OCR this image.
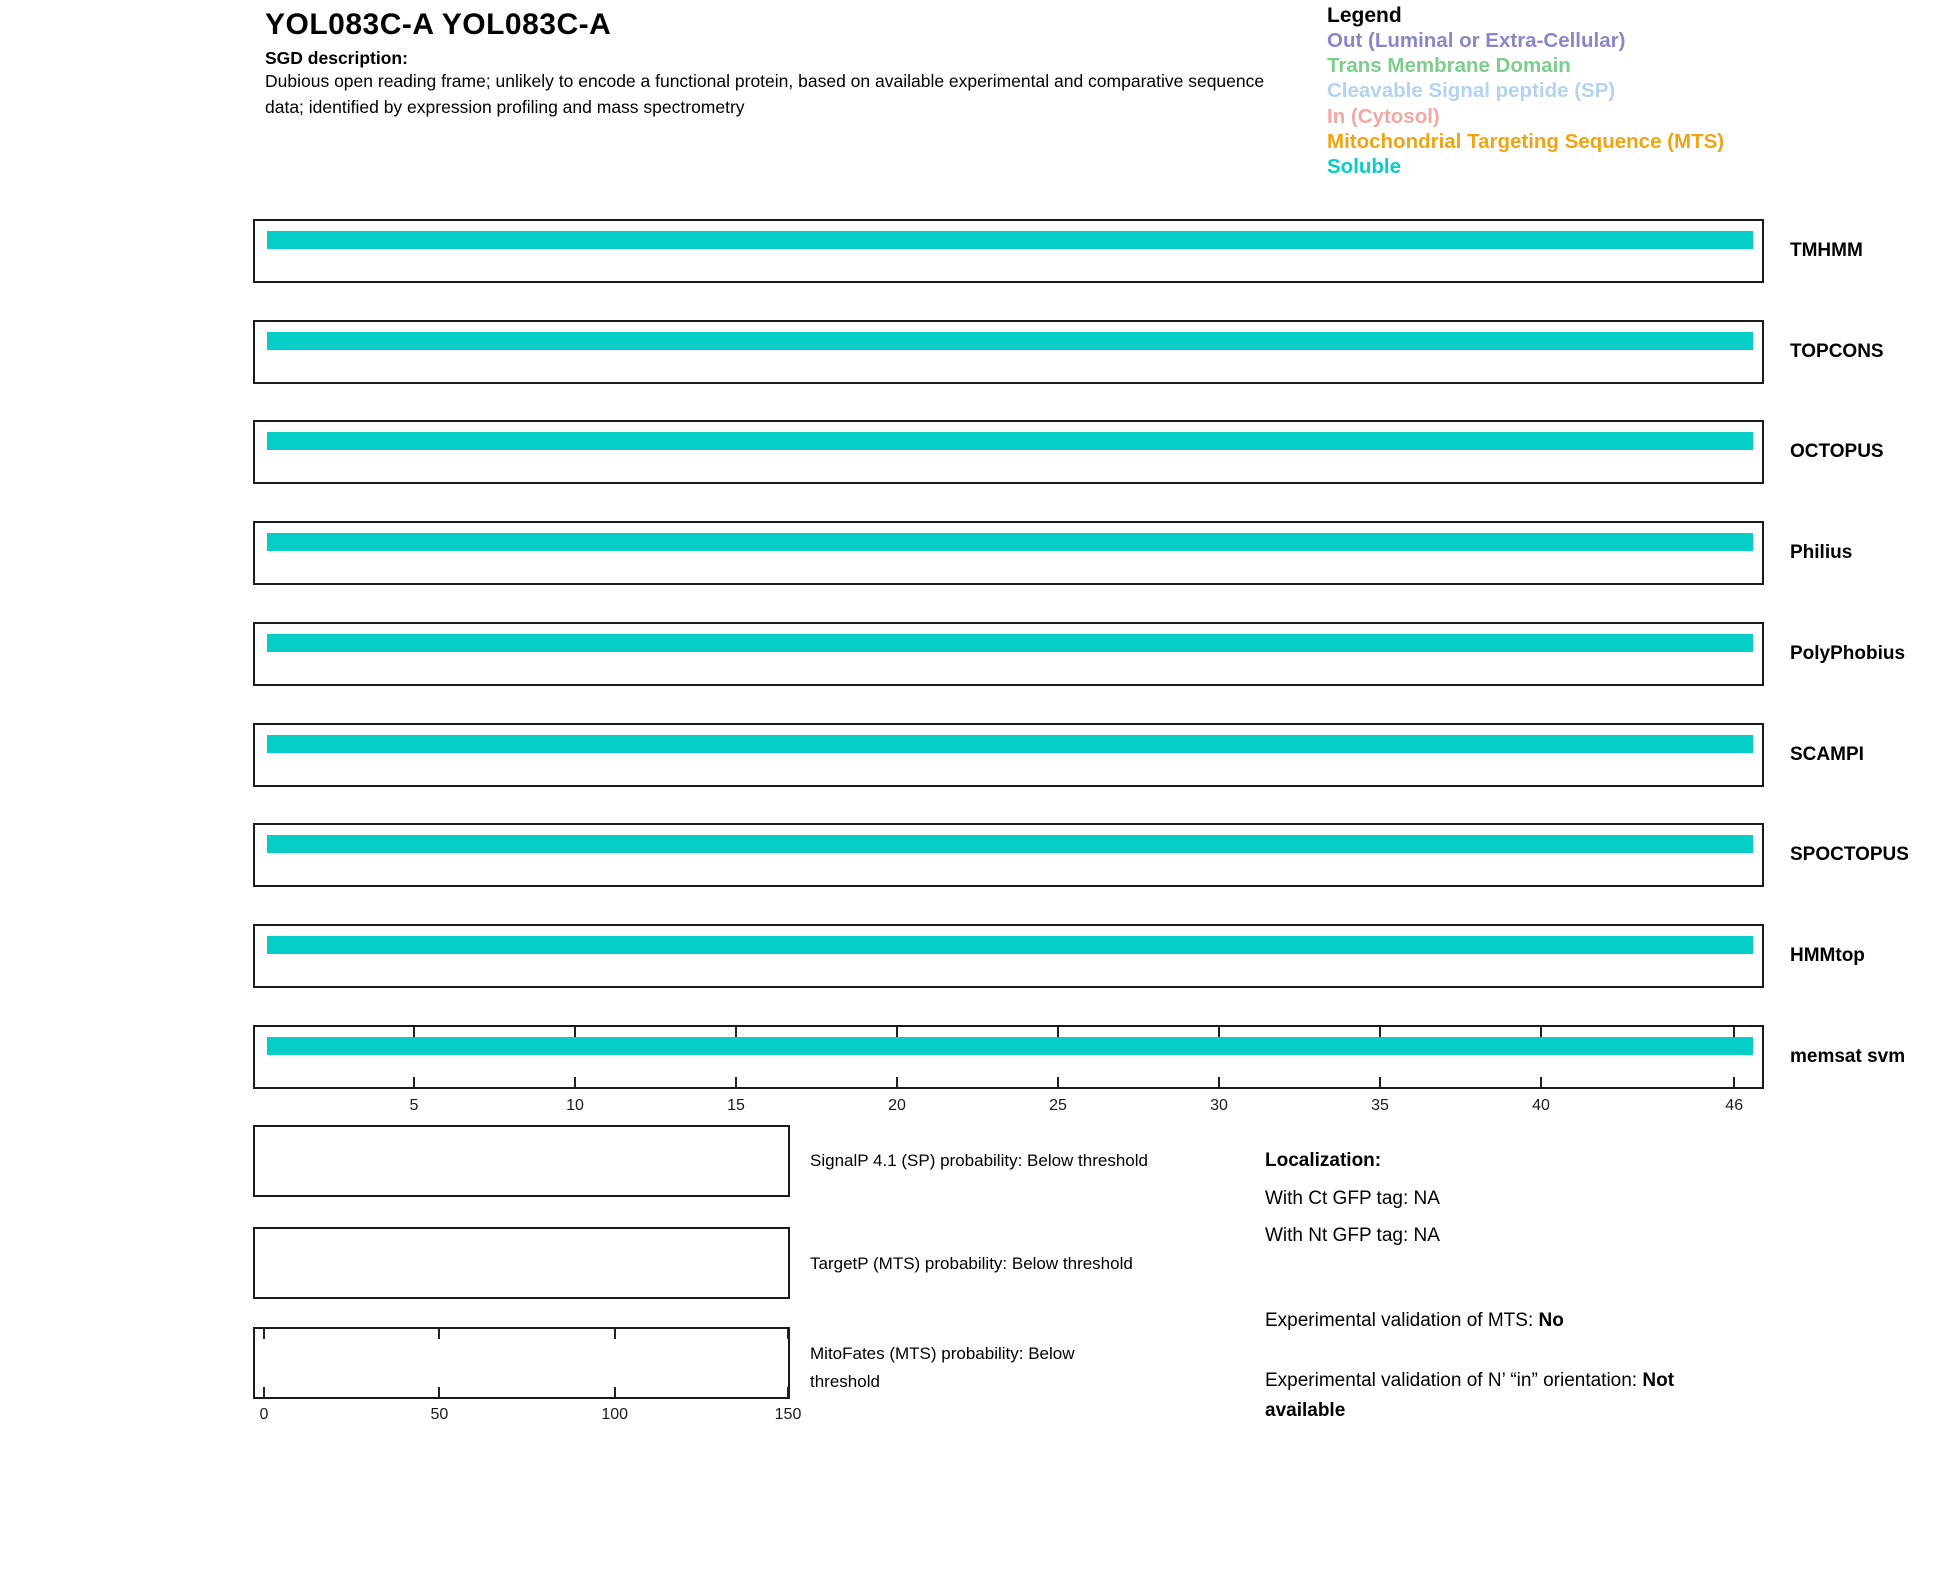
YOL083C-A YOL083C-A
SGD description:
Dubious open reading frame; unlikely to encode a functional protein, based on available experimental and comparative sequence data; identified by expression profiling and mass spectrometry
Legend
Out (Luminal or Extra-Cellular)
Trans Membrane Domain
Cleavable Signal peptide (SP)
In (Cytosol)
Mitochondrial Targeting Sequence (MTS)
Soluble
TMHMM
TOPCONS
OCTOPUS
Philius
PolyPhobius
SCAMPI
SPOCTOPUS
HMMtop
memsat svm
5	10	15	20	25	30	35	40	46
0	50	100	150
SignalP 4.1 (SP) probability: Below threshold
TargetP (MTS) probability: Below threshold
MitoFates (MTS) probability: Below threshold
Localization:
With Ct GFP tag: NA
With Nt GFP tag: NA
Experimental validation of MTS: No
Experimental validation of N’ “in” orientation: Not available
